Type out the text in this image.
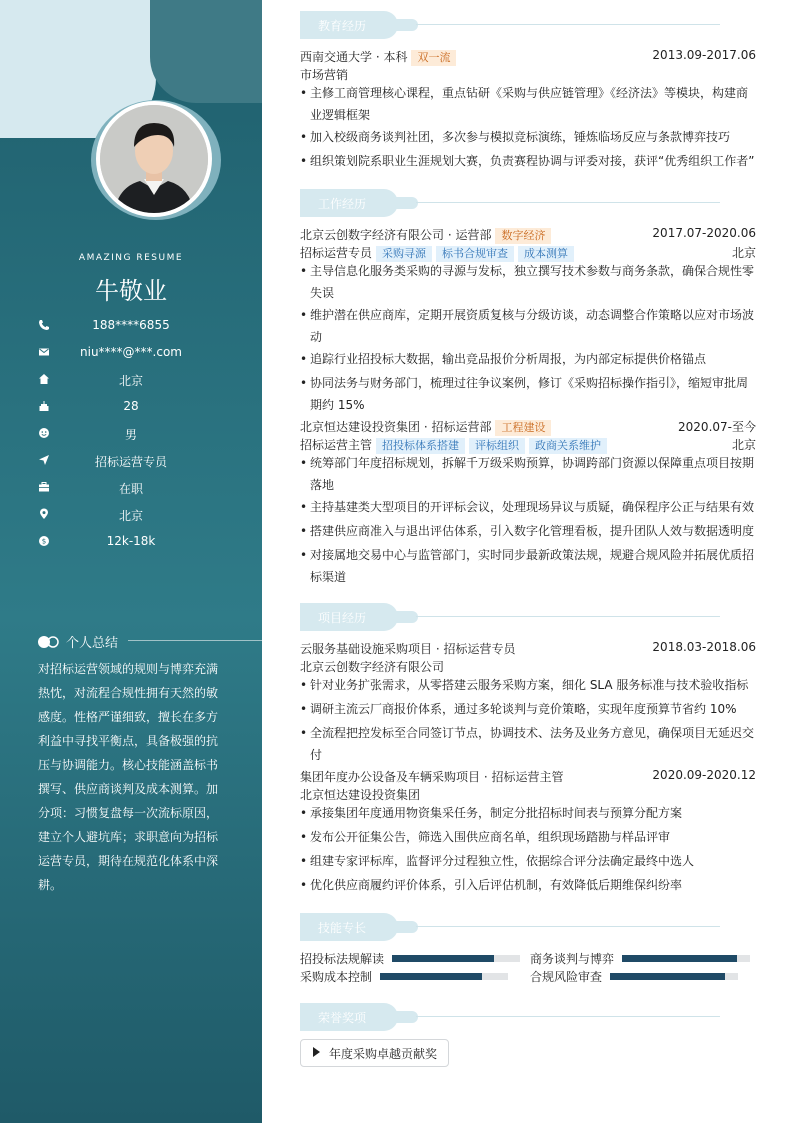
AMAZING RESUME
牛敬业
188****6855
niu****@***.com
北京
28
男
招标运营专员
在职
北京
$	12k-18k
个人总结
对招标运营领域的规则与博弈充满热忱，对流程合规性拥有天然的敏感度。性格严谨细致，擅长在多方利益中寻找平衡点，具备极强的抗压与协调能力。核心技能涵盖标书撰写、供应商谈判及成本测算。加分项：习惯复盘每一次流标原因，建立个人避坑库；求职意向为招标运营专员，期待在规范化体系中深耕。
教育经历
西南交通大学 · 本科 双一流	2013.09-2017.06
市场营销
• 主修工商管理核心课程，重点钻研《采购与供应链管理》《经济法》等模块，构建商业逻辑框架
• 加入校级商务谈判社团，多次参与模拟竞标演练，锤炼临场反应与条款博弈技巧
• 组织策划院系职业生涯规划大赛，负责赛程协调与评委对接，获评“优秀组织工作者”
工作经历
北京云创数字经济有限公司 · 运营部 数字经济	2017.07-2020.06
招标运营专员 采购寻源 标书合规审查 成本测算	北京
• 主导信息化服务类采购的寻源与发标，独立撰写技术参数与商务条款，确保合规性零失误
• 维护潜在供应商库，定期开展资质复核与分级访谈，动态调整合作策略以应对市场波动
• 追踪行业招投标大数据，输出竞品报价分析周报，为内部定标提供价格锚点
• 协同法务与财务部门，梳理过往争议案例，修订《采购招标操作指引》，缩短审批周期约 15%
北京恒达建设投资集团 · 招标运营部 工程建设	2020.07-至今
招标运营主管 招投标体系搭建 评标组织 政商关系维护	北京
• 统筹部门年度招标规划，拆解千万级采购预算，协调跨部门资源以保障重点项目按期落地
• 主持基建类大型项目的开评标会议，处理现场异议与质疑，确保程序公正与结果有效
• 搭建供应商准入与退出评估体系，引入数字化管理看板，提升团队人效与数据透明度
• 对接属地交易中心与监管部门，实时同步最新政策法规，规避合规风险并拓展优质招标渠道
项目经历
云服务基础设施采购项目 · 招标运营专员	2018.03-2018.06
北京云创数字经济有限公司
• 针对业务扩张需求，从零搭建云服务采购方案，细化 SLA 服务标准与技术验收指标
• 调研主流云厂商报价体系，通过多轮谈判与竞价策略，实现年度预算节省约 10%
• 全流程把控发标至合同签订节点，协调技术、法务及业务方意见，确保项目无延迟交付
集团年度办公设备及车辆采购项目 · 招标运营主管	2020.09-2020.12
北京恒达建设投资集团
• 承接集团年度通用物资集采任务，制定分批招标时间表与预算分配方案
• 发布公开征集公告，筛选入围供应商名单，组织现场踏勘与样品评审
• 组建专家评标库，监督评分过程独立性，依据综合评分法确定最终中选人
• 优化供应商履约评价体系，引入后评估机制，有效降低后期维保纠纷率
技能专长
招投标法规解读	商务谈判与博弈
采购成本控制	合规风险审查
荣誉奖项
年度采购卓越贡献奖
